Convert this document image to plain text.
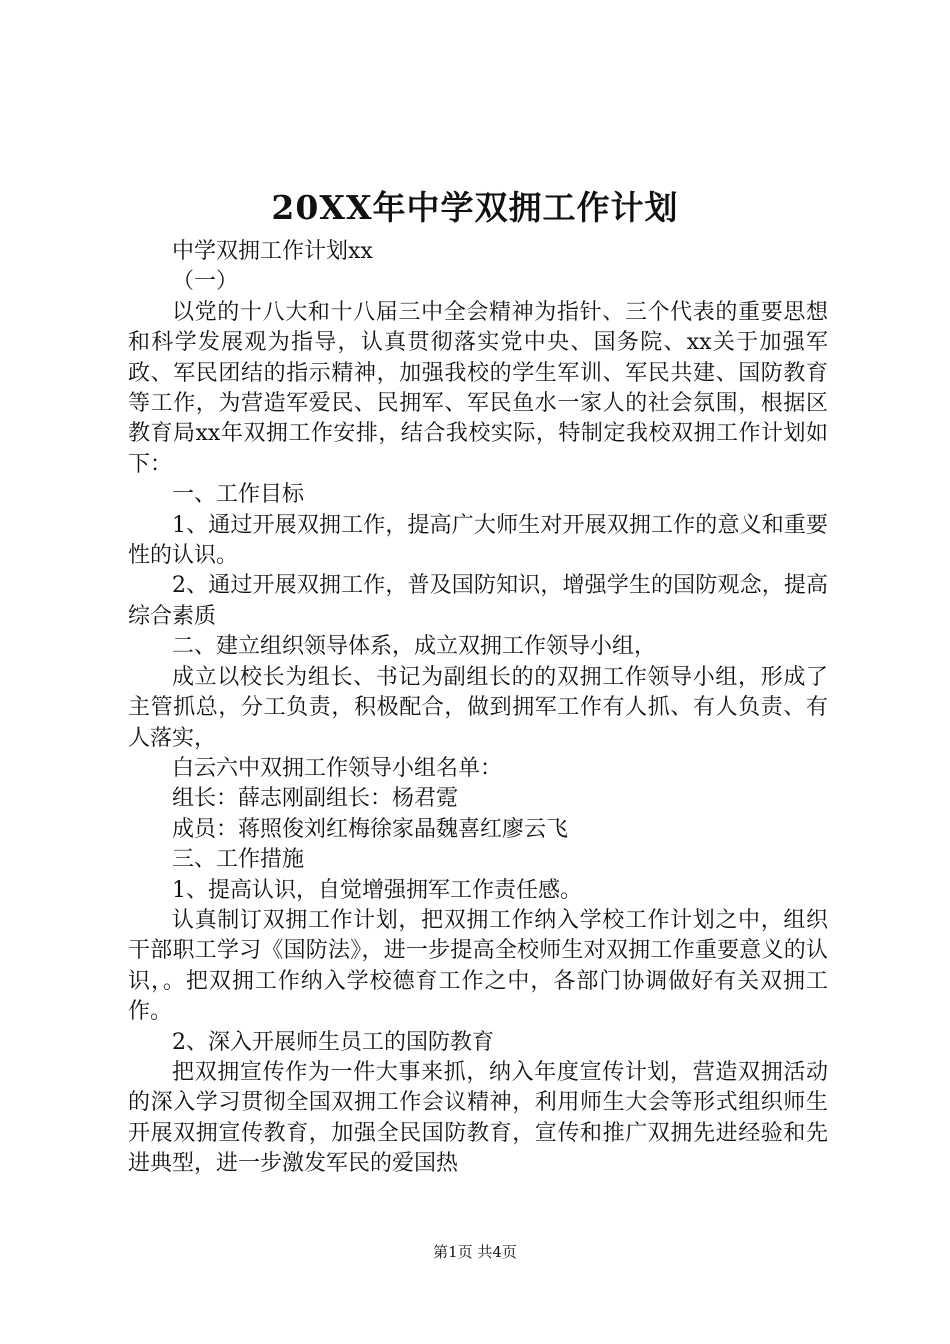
20XX年中学双拥工作计划

中学双拥工作计划xx

（一）

以党的十八大和十八届三中全会精神为指针、三个代表的重要思想和科学发展观为指导，认真贯彻落实党中央、国务院、xx关于加强军政、军民团结的指示精神，加强我校的学生军训、军民共建、国防教育等工作，为营造军爱民、民拥军、军民鱼水一家人的社会氛围，根据区教育局xx年双拥工作安排，结合我校实际，特制定我校双拥工作计划如下：

一、工作目标

1、通过开展双拥工作，提高广大师生对开展双拥工作的意义和重要性的认识。

2、通过开展双拥工作，普及国防知识，增强学生的国防观念，提高综合素质

二、建立组织领导体系，成立双拥工作领导小组，

成立以校长为组长、书记为副组长的的双拥工作领导小组，形成了主管抓总，分工负责，积极配合，做到拥军工作有人抓、有人负责、有人落实，

白云六中双拥工作领导小组名单：

组长：薛志刚副组长：杨君霓

成员：蒋照俊刘红梅徐家晶魏喜红廖云飞

三、工作措施

1、提高认识，自觉增强拥军工作责任感。

认真制订双拥工作计划，把双拥工作纳入学校工作计划之中，组织干部职工学习《国防法》，进一步提高全校师生对双拥工作重要意义的认识，。把双拥工作纳入学校德育工作之中，各部门协调做好有关双拥工作。

2、深入开展师生员工的国防教育

把双拥宣传作为一件大事来抓，纳入年度宣传计划，营造双拥活动的深入学习贯彻全国双拥工作会议精神，利用师生大会等形式组织师生开展双拥宣传教育，加强全民国防教育，宣传和推广双拥先进经验和先进典型，进一步激发军民的爱国热

第1页 共4页
